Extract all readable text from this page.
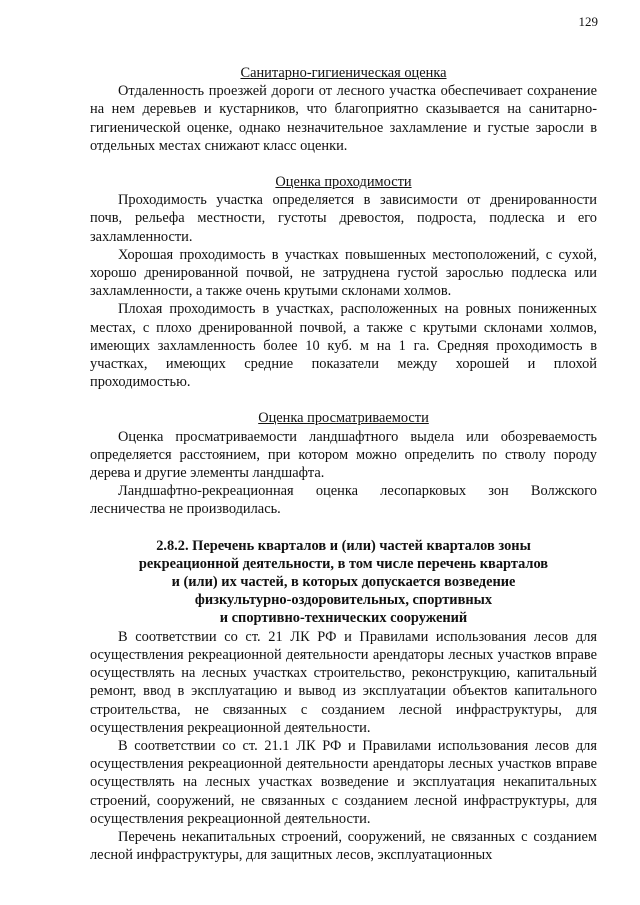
129

Санитарно-гигиеническая оценка

Отдаленность проезжей дороги от лесного участка обеспечивает сохранение на нем деревьев и кустарников, что благоприятно сказывается на санитарно-гигиенической оценке, однако незначительное захламление и густые заросли в отдельных местах снижают класс оценки.

Оценка проходимости

Проходимость участка определяется в зависимости от дренированности почв, рельефа местности, густоты древостоя, подроста, подлеска и его захламленности.

Хорошая проходимость в участках повышенных местоположений, с сухой, хорошо дренированной почвой, не затруднена густой зарослью подлеска или захламленности, а также очень крутыми склонами холмов.

Плохая проходимость в участках, расположенных на ровных пониженных местах, с плохо дренированной почвой, а также с крутыми склонами холмов, имеющих захламленность более 10 куб. м на 1 га. Средняя проходимость в участках, имеющих средние показатели между хорошей и плохой проходимостью.

Оценка просматриваемости

Оценка просматриваемости ландшафтного выдела или обозреваемость определяется расстоянием, при котором можно определить по стволу породу дерева и другие элементы ландшафта.

Ландшафтно-рекреационная оценка лесопарковых зон Волжского лесничества не производилась.

2.8.2. Перечень кварталов и (или) частей кварталов зоны
рекреационной деятельности, в том числе перечень кварталов
и (или) их частей, в которых допускается возведение
физкультурно-оздоровительных, спортивных
и спортивно-технических сооружений

В соответствии со ст. 21 ЛК РФ и Правилами использования лесов для осуществления рекреационной деятельности арендаторы лесных участков вправе осуществлять на лесных участках строительство, реконструкцию, капитальный ремонт, ввод в эксплуатацию и вывод из эксплуатации объектов капитального строительства, не связанных с созданием лесной инфраструктуры, для осуществления рекреационной деятельности.

В соответствии со ст. 21.1 ЛК РФ и Правилами использования лесов для осуществления рекреационной деятельности арендаторы лесных участков вправе осуществлять на лесных участках возведение и эксплуатация некапитальных строений, сооружений, не связанных с созданием лесной инфраструктуры, для осуществления рекреационной деятельности.

Перечень некапитальных строений, сооружений, не связанных с созданием лесной инфраструктуры, для защитных лесов, эксплуатационных
